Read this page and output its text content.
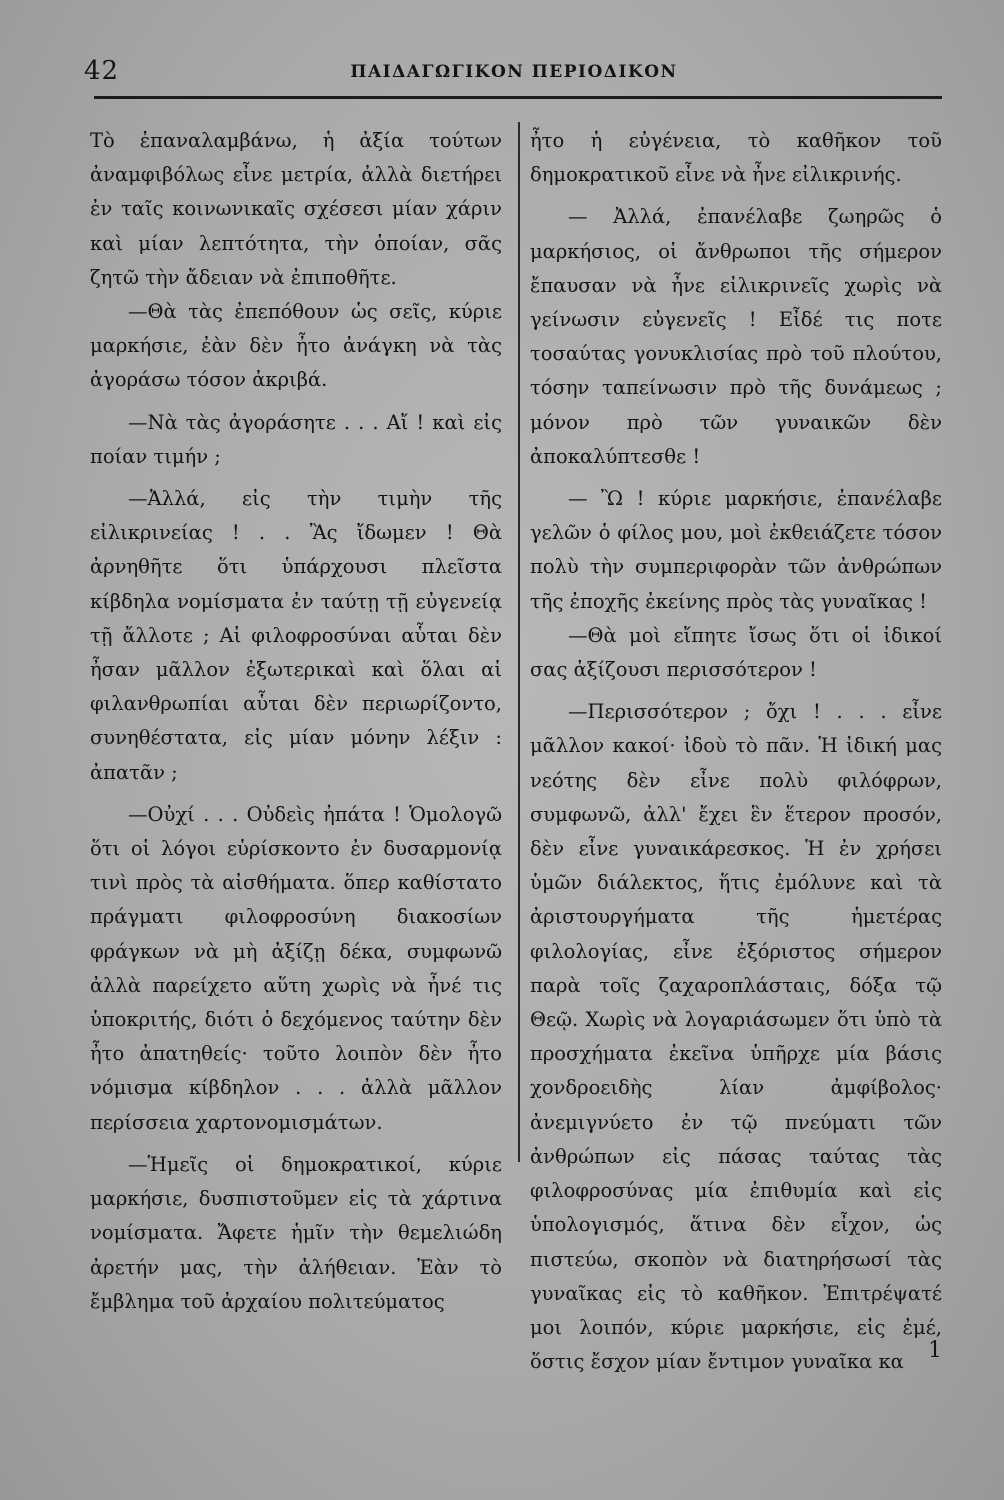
42	ΠΑΙΔΑΓΩΓΙΚΟΝ ΠΕΡΙΟΔΙΚΟΝ

Τὸ ἐπαναλαμβάνω, ἡ ἀξία τούτων ἀναμφιβόλως εἶνε μετρία, ἀλλὰ διετήρει ἐν ταῖς κοινωνικαῖς σχέσεσι μίαν χάριν καὶ μίαν λεπτότητα, τὴν ὁποίαν, σᾶς ζητῶ τὴν ἄδειαν νὰ ἐπιποθῆτε.

—Θὰ τὰς ἐπεπόθουν ὡς σεῖς, κύριε μαρκήσιε, ἐὰν δὲν ἦτο ἀνάγκη νὰ τὰς ἀγοράσω τόσον ἀκριβά.

—Νὰ τὰς ἀγοράσητε . . . Αἴ ! καὶ εἰς ποίαν τιμήν ;

—Ἀλλά, εἰς τὴν τιμὴν τῆς εἰλικρινείας ! . . Ἂς ἴδωμεν ! Θὰ ἀρνηθῆτε ὅτι ὑπάρχουσι πλεῖστα κίβδηλα νομίσματα ἐν ταύτῃ τῇ εὐγενείᾳ τῇ ἄλλοτε ; Αἱ φιλοφροσύναι αὗται δὲν ἦσαν μᾶλλον ἐξωτερικαὶ καὶ ὅλαι αἱ φιλανθρωπίαι αὗται δὲν περιωρίζοντο, συνηθέστατα, εἰς μίαν μόνην λέξιν : ἀπατᾶν ;

—Οὐχί . . . Οὐδεὶς ἠπάτα ! Ὁμολογῶ ὅτι οἱ λόγοι εὑρίσκοντο ἐν δυσαρμονίᾳ τινὶ πρὸς τὰ αἰσθήματα. ὅπερ καθίστατο πράγματι φιλοφροσύνη διακοσίων φράγκων νὰ μὴ ἀξίζῃ δέκα, συμφωνῶ ἀλλὰ παρείχετο αὕτη χωρὶς νὰ ἦνέ τις ὑποκριτής, διότι ὁ δεχόμενος ταύτην δὲν ἦτο ἀπατηθείς· τοῦτο λοιπὸν δὲν ἦτο νόμισμα κίβδηλον . . . ἀλλὰ μᾶλλον περίσσεια χαρτονομισμάτων.

—Ἡμεῖς οἱ δημοκρατικοί, κύριε μαρκήσιε, δυσπιστοῦμεν εἰς τὰ χάρτινα νομίσματα. Ἄφετε ἡμῖν τὴν θεμελιώδη ἀρετήν μας, τὴν ἀλήθειαν. Ἐὰν τὸ ἔμβλημα τοῦ ἀρχαίου πολιτεύματος

ἦτο ἡ εὐγένεια, τὸ καθῆκον τοῦ δημοκρατικοῦ εἶνε νὰ ἦνε εἰλικρινής.

— Ἀλλά, ἐπανέλαβε ζωηρῶς ὁ μαρκήσιος, οἱ ἄνθρωποι τῆς σήμερον ἔπαυσαν νὰ ἦνε εἰλικρινεῖς χωρὶς νὰ γείνωσιν εὐγενεῖς ! Εἶδέ τις ποτε τοσαύτας γονυκλισίας πρὸ τοῦ πλούτου, τόσην ταπείνωσιν πρὸ τῆς δυνάμεως ; μόνον πρὸ τῶν γυναικῶν δὲν ἀποκαλύπτεσθε !

— Ὢ ! κύριε μαρκήσιε, ἐπανέλαβε γελῶν ὁ φίλος μου, μοὶ ἐκθειάζετε τόσον πολὺ τὴν συμπεριφορὰν τῶν ἀνθρώπων τῆς ἐποχῆς ἐκείνης πρὸς τὰς γυναῖκας !

—Θὰ μοὶ εἴπητε ἴσως ὅτι οἱ ἰδικοί σας ἀξίζουσι περισσότερον !

—Περισσότερον ; ὄχι ! . . . εἶνε μᾶλλον κακοί· ἰδοὺ τὸ πᾶν. Ἡ ἰδική μας νεότης δὲν εἶνε πολὺ φιλόφρων, συμφωνῶ, ἀλλ' ἔχει ἓν ἕτερον προσόν, δὲν εἶνε γυναικάρεσκος. Ἡ ἐν χρήσει ὑμῶν διάλεκτος, ἥτις ἐμόλυνε καὶ τὰ ἀριστουργήματα τῆς ἡμετέρας φιλολογίας, εἶνε ἐξόριστος σήμερον παρὰ τοῖς ζαχαροπλάσταις, δόξα τῷ Θεῷ. Χωρὶς νὰ λογαριάσωμεν ὅτι ὑπὸ τὰ προσχήματα ἐκεῖνα ὑπῆρχε μία βάσις χονδροειδὴς λίαν ἀμφίβολος· ἀνεμιγνύετο ἐν τῷ πνεύματι τῶν ἀνθρώπων εἰς πάσας ταύτας τὰς φιλοφροσύνας μία ἐπιθυμία καὶ εἰς ὑπολογισμός, ἅτινα δὲν εἶχον, ὡς πιστεύω, σκοπὸν νὰ διατηρήσωσί τὰς γυναῖκας εἰς τὸ καθῆκον. Ἐπιτρέψατέ μοι λοιπόν, κύριε μαρκήσιε, εἰς ἐμέ, ὅστις ἔσχον μίαν ἔντιμον γυναῖκα κα	1
